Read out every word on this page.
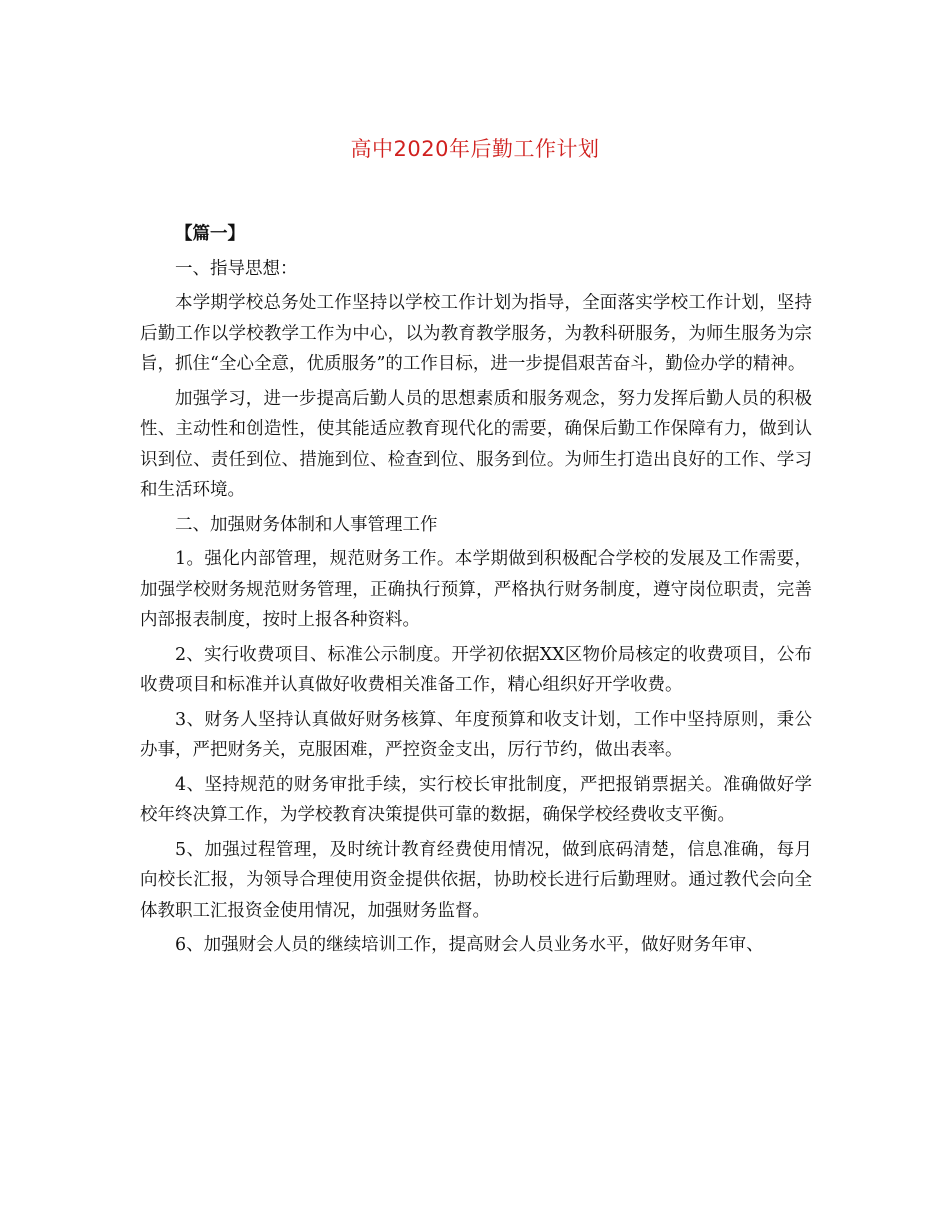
高中2020年后勤工作计划

【篇一】

一、指导思想：

本学期学校总务处工作坚持以学校工作计划为指导，全面落实学校工作计划，坚持后勤工作以学校教学工作为中心，以为教育教学服务，为教科研服务，为师生服务为宗旨，抓住“全心全意，优质服务”的工作目标，进一步提倡艰苦奋斗，勤俭办学的精神。

加强学习，进一步提高后勤人员的思想素质和服务观念，努力发挥后勤人员的积极性、主动性和创造性，使其能适应教育现代化的需要，确保后勤工作保障有力，做到认识到位、责任到位、措施到位、检查到位、服务到位。为师生打造出良好的工作、学习和生活环境。

二、加强财务体制和人事管理工作

1。强化内部管理，规范财务工作。本学期做到积极配合学校的发展及工作需要，加强学校财务规范财务管理，正确执行预算，严格执行财务制度，遵守岗位职责，完善内部报表制度，按时上报各种资料。

2、实行收费项目、标准公示制度。开学初依据XX区物价局核定的收费项目，公布收费项目和标准并认真做好收费相关准备工作，精心组织好开学收费。

3、财务人坚持认真做好财务核算、年度预算和收支计划，工作中坚持原则，秉公办事，严把财务关，克服困难，严控资金支出，厉行节约，做出表率。

4、坚持规范的财务审批手续，实行校长审批制度，严把报销票据关。准确做好学校年终决算工作，为学校教育决策提供可靠的数据，确保学校经费收支平衡。

5、加强过程管理，及时统计教育经费使用情况，做到底码清楚，信息准确，每月向校长汇报，为领导合理使用资金提供依据，协助校长进行后勤理财。通过教代会向全体教职工汇报资金使用情况，加强财务监督。

6、加强财会人员的继续培训工作，提高财会人员业务水平，做好财务年审、
